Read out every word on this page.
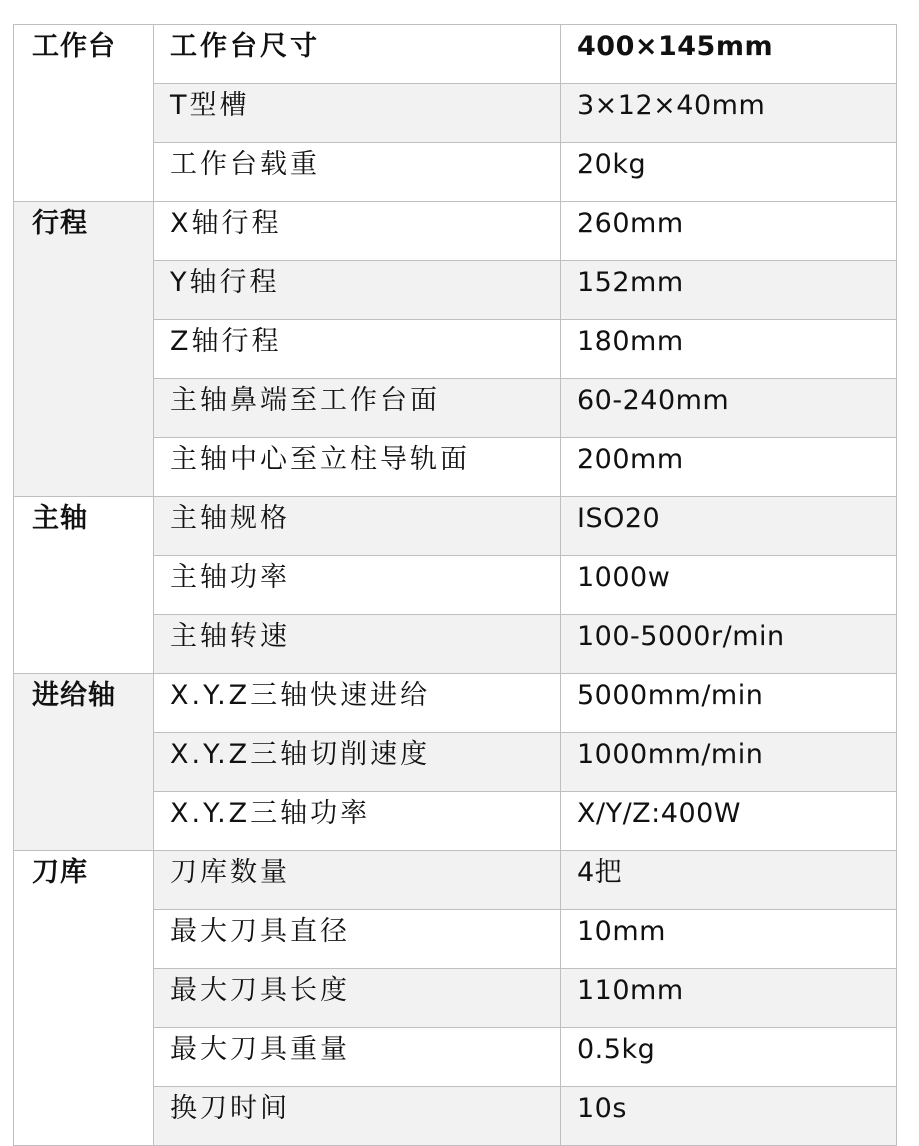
工作台	工作台尺寸	400×145mm
	T型槽	3×12×40mm
	工作台载重	20kg
行程	X轴行程	260mm
	Y轴行程	152mm
	Z轴行程	180mm
	主轴鼻端至工作台面	60-240mm
	主轴中心至立柱导轨面	200mm
主轴	主轴规格	ISO20
	主轴功率	1000w
	主轴转速	100-5000r/min
进给轴	X.Y.Z三轴快速进给	5000mm/min
	X.Y.Z三轴切削速度	1000mm/min
	X.Y.Z三轴功率	X/Y/Z:400W
刀库	刀库数量	4把
	最大刀具直径	10mm
	最大刀具长度	110mm
	最大刀具重量	0.5kg
	换刀时间	10s
